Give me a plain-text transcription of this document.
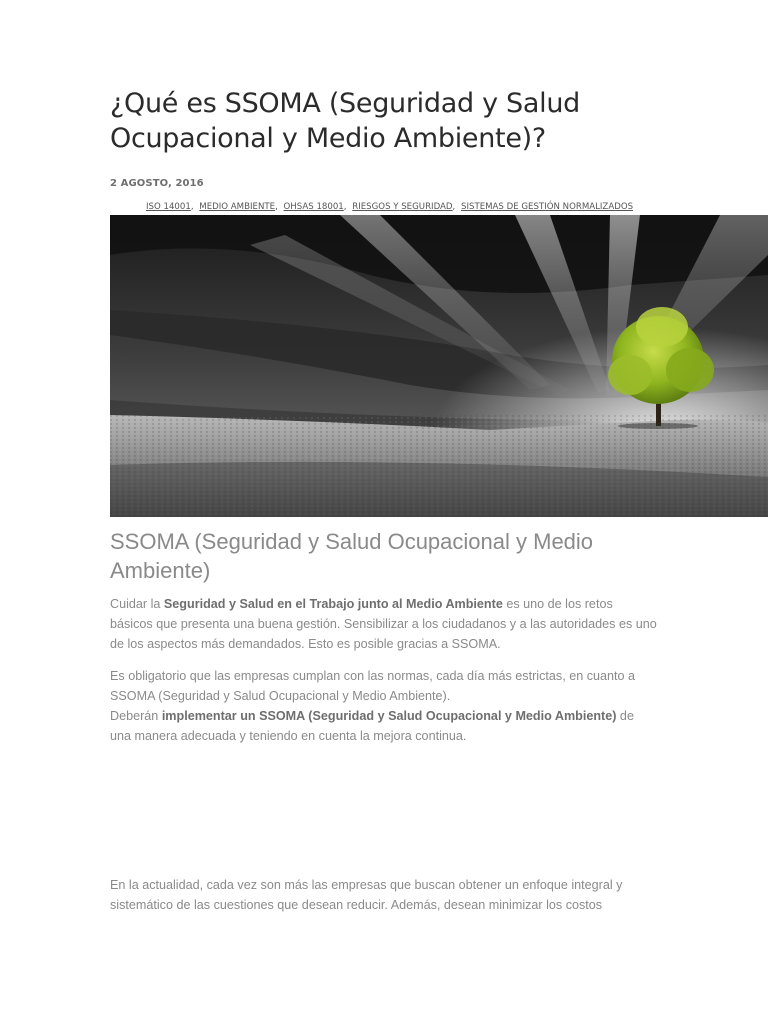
¿Qué es SSOMA (Seguridad y Salud Ocupacional y Medio Ambiente)?
2 AGOSTO, 2016
ISO 14001, MEDIO AMBIENTE, OHSAS 18001, RIESGOS Y SEGURIDAD, SISTEMAS DE GESTIÓN NORMALIZADOS
SSOMA (Seguridad y Salud Ocupacional y Medio Ambiente)

Cuidar la Seguridad y Salud en el Trabajo junto al Medio Ambiente es uno de los retos básicos que presenta una buena gestión. Sensibilizar a los ciudadanos y a las autoridades es uno de los aspectos más demandados. Esto es posible gracias a SSOMA.

Es obligatorio que las empresas cumplan con las normas, cada día más estrictas, en cuanto a SSOMA (Seguridad y Salud Ocupacional y Medio Ambiente).
Deberán implementar un SSOMA (Seguridad y Salud Ocupacional y Medio Ambiente) de una manera adecuada y teniendo en cuenta la mejora continua.

En la actualidad, cada vez son más las empresas que buscan obtener un enfoque integral y sistemático de las cuestiones que desean reducir. Además, desean minimizar los costos
